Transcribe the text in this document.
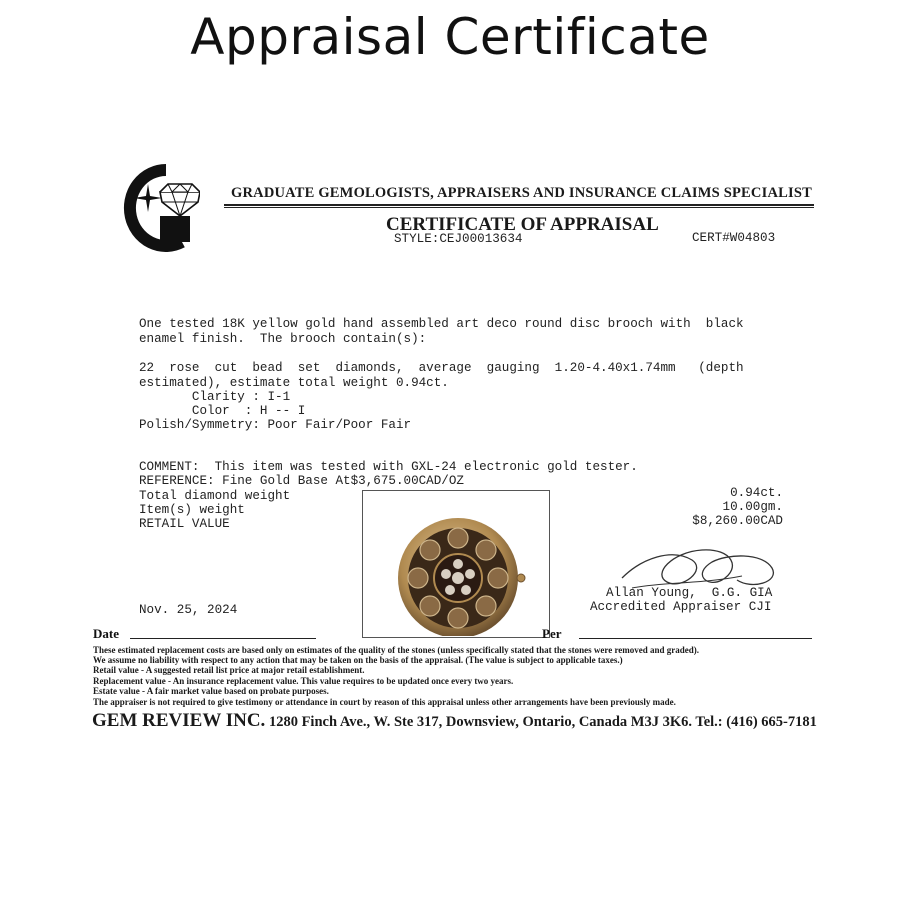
Appraisal Certificate
GRADUATE GEMOLOGISTS, APPRAISERS AND INSURANCE CLAIMS SPECIALIST
CERTIFICATE OF APPRAISAL
STYLE:CEJ00013634	CERT#W04803
One tested 18K yellow gold hand assembled art deco round disc brooch with  black
enamel finish.  The brooch contain(s):
22  rose  cut  bead  set  diamonds,  average  gauging  1.20-4.40x1.74mm   (depth
estimated), estimate total weight 0.94ct.
Clarity : I-1
Color  : H -- I
Polish/Symmetry: Poor Fair/Poor Fair
COMMENT:  This item was tested with GXL-24 electronic gold tester.
REFERENCE: Fine Gold Base At$3,675.00CAD/OZ
Total diamond weight	0.94ct.
Item(s) weight	10.00gm.
RETAIL VALUE	$8,260.00CAD
Allan Young,  G.G. GIA
Accredited Appraiser CJI
Nov. 25, 2024
Date	Per
These estimated replacement costs are based only on estimates of the quality of the stones (unless specifically stated that the stones were removed and graded).
We assume no liability with respect to any action that may be taken on the basis of the appraisal. (The value is subject to applicable taxes.)
Retail value - A suggested retail list price at major retail establishment.
Replacement value - An insurance replacement value. This value requires to be updated once every two years.
Estate value - A fair market value based on probate purposes.
The appraiser is not required to give testimony or attendance in court by reason of this appraisal unless other arrangements have been previously made.
GEM REVIEW INC. 1280 Finch Ave., W. Ste 317, Downsview, Ontario, Canada M3J 3K6. Tel.: (416) 665-7181
